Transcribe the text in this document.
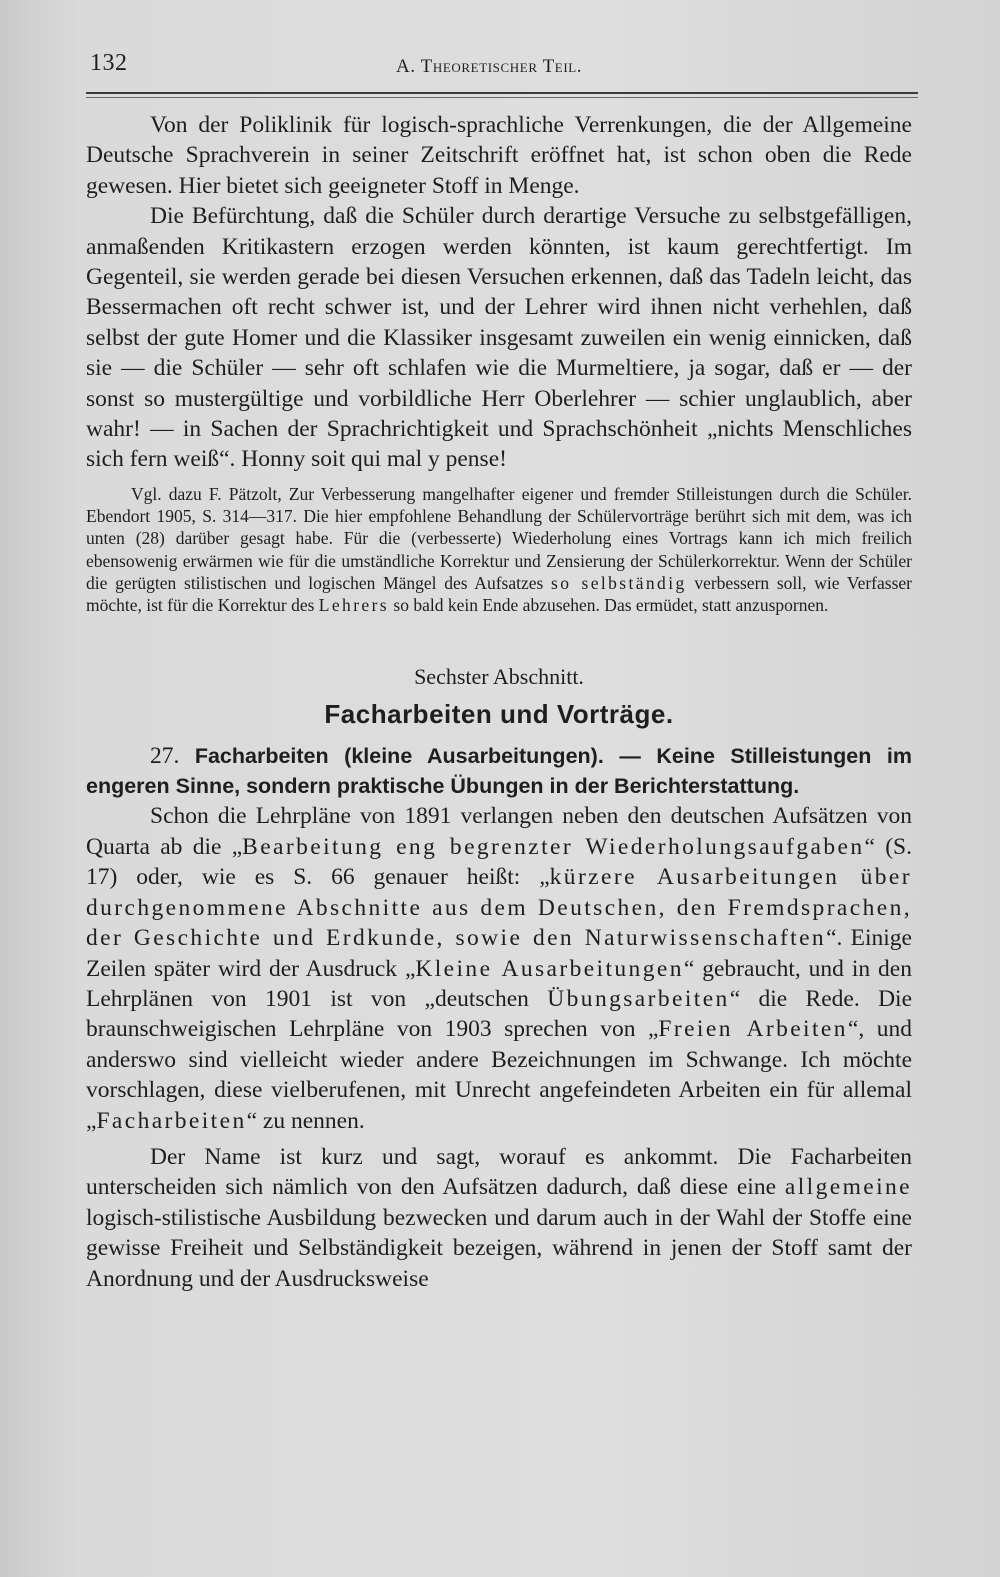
132	A. Theoretischer Teil.

Von der Poliklinik für logisch-sprachliche Verrenkungen, die der Allgemeine Deutsche Sprachverein in seiner Zeitschrift eröffnet hat, ist schon oben die Rede gewesen. Hier bietet sich geeigneter Stoff in Menge.

Die Befürchtung, daß die Schüler durch derartige Versuche zu selbstgefälligen, anmaßenden Kritikastern erzogen werden könnten, ist kaum gerechtfertigt. Im Gegenteil, sie werden gerade bei diesen Versuchen erkennen, daß das Tadeln leicht, das Bessermachen oft recht schwer ist, und der Lehrer wird ihnen nicht verhehlen, daß selbst der gute Homer und die Klassiker insgesamt zuweilen ein wenig einnicken, daß sie — die Schüler — sehr oft schlafen wie die Murmeltiere, ja sogar, daß er — der sonst so mustergültige und vorbildliche Herr Oberlehrer — schier unglaublich, aber wahr! — in Sachen der Sprachrichtigkeit und Sprachschönheit „nichts Menschliches sich fern weiß“. Honny soit qui mal y pense!

Vgl. dazu F. Pätzolt, Zur Verbesserung mangelhafter eigener und fremder Stilleistungen durch die Schüler. Ebendort 1905, S. 314—317. Die hier empfohlene Behandlung der Schülervorträge berührt sich mit dem, was ich unten (28) darüber gesagt habe. Für die (verbesserte) Wiederholung eines Vortrags kann ich mich freilich ebensowenig erwärmen wie für die umständliche Korrektur und Zensierung der Schülerkorrektur. Wenn der Schüler die gerügten stilistischen und logischen Mängel des Aufsatzes so selbständig verbessern soll, wie Verfasser möchte, ist für die Korrektur des Lehrers so bald kein Ende abzusehen. Das ermüdet, statt anzuspornen.

Sechster Abschnitt.

Facharbeiten und Vorträge.

27. Facharbeiten (kleine Ausarbeitungen). — Keine Stilleistungen im engeren Sinne, sondern praktische Übungen in der Berichterstattung.

Schon die Lehrpläne von 1891 verlangen neben den deutschen Aufsätzen von Quarta ab die „Bearbeitung eng begrenzter Wiederholungsaufgaben“ (S. 17) oder, wie es S. 66 genauer heißt: „kürzere Ausarbeitungen über durchgenommene Abschnitte aus dem Deutschen, den Fremdsprachen, der Geschichte und Erdkunde, sowie den Naturwissenschaften“. Einige Zeilen später wird der Ausdruck „Kleine Ausarbeitungen“ gebraucht, und in den Lehrplänen von 1901 ist von „deutschen Übungsarbeiten“ die Rede. Die braunschweigischen Lehrpläne von 1903 sprechen von „Freien Arbeiten“, und anderswo sind vielleicht wieder andere Bezeichnungen im Schwange. Ich möchte vorschlagen, diese vielberufenen, mit Unrecht angefeindeten Arbeiten ein für allemal „Facharbeiten“ zu nennen.

Der Name ist kurz und sagt, worauf es ankommt. Die Facharbeiten unterscheiden sich nämlich von den Aufsätzen dadurch, daß diese eine allgemeine logisch-stilistische Ausbildung bezwecken und darum auch in der Wahl der Stoffe eine gewisse Freiheit und Selbständigkeit bezeigen, während in jenen der Stoff samt der Anordnung und der Ausdrucksweise
